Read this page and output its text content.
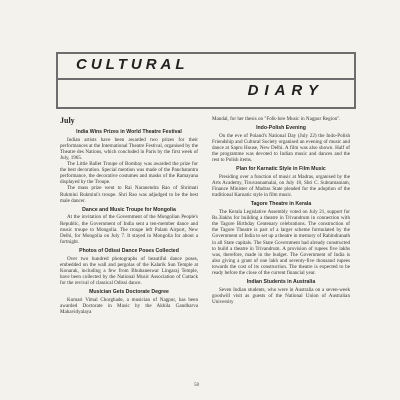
CULTURAL
DIARY
July
India Wins Prizes in World Theatre Festival

Indian artists have been awarded two prizes for their performances at the International Theatre Festival, organised by the Theatre des Nations, which concluded in Paris by the first week of July, 1965.

The Little Ballet Troupe of Bombay was awarded the prize for the best decoration. Special mention was made of the Panchatantra performance, the decorative costumes and masks of the Ramayana displayed by the Troupe.

The mass prize went to Rai Naranendra Rao of Shrimati Rukmini Rukmini's troupe. Shri Rao was adjudged to be the best male dancer.

Dance and Music Troupe for Mongolia

At the invitation of the Government of the Mongolian People's Republic, the Government of India sent a ten-member dance and music troupe to Mongolia. The troupe left Palam Airport, New Delhi, for Mongolia on July 7. It stayed in Mongolia for about a fortnight.

Photos of Odissi Dance Poses Collected

Over two hundred photographs of beautiful dance poses, embedded on the wall and pergolas of the Kalarik Sun Temple at Konarak, including a few from Bhubaneswar Lingaraj Temple, have been collected by the National Music Association of Cuttack for the revival of classical Odissi dance.

Musician Gets Doctorate Degree

Kumari Vimal Chorghade, a musician of Nagpur, has been awarded Doctorate in Music by the Akhila Gandharva Mahavidyalaya

Mandal, for her thesis on "Folk-lore Music in Nagpur Region".

Indo-Polish Evening

On the eve of Poland's National Day (July 22) the Indo-Polish Friendship and Cultural Society organised an evening of music and dance at Sapru House, New Delhi. A film was also shown. Half of the programme was devoted to Indian music and dances and the rest to Polish items.

Plan for Karnatic Style in Film Music

Presiding over a function of music at Madras, organised by the Arts Academy, Tiruvannamalai, on July 18, Shri C. Subramaniam, Finance Minister of Madras State pleaded for the adoption of the traditional Karnatic style in film music.

Tagore Theatre in Kerala

The Kerala Legislative Assembly voted on July 21, support for Rs.3lakhs for building a theatre in Trivandrum in connection with the Tagore Birthday Centenary celebrations. The construction of the Tagore Theatre is part of a larger scheme formulated by the Government of India to set up a theatre in memory of Rabindranath in all State capitals. The State Government had already constructed to build a theatre in Trivandrum. A provision of rupees five lakhs was, therefore, made in the budget. The Government of India is also giving a grant of one lakh and seventy-five thousand rupees towards the cost of its construction. The theatre is expected to be ready before the close of the current financial year.

Indian Students in Australia

Seven Indian students, who were in Australia on a seven-week goodwill visit as guests of the National Union of Australian University

58
